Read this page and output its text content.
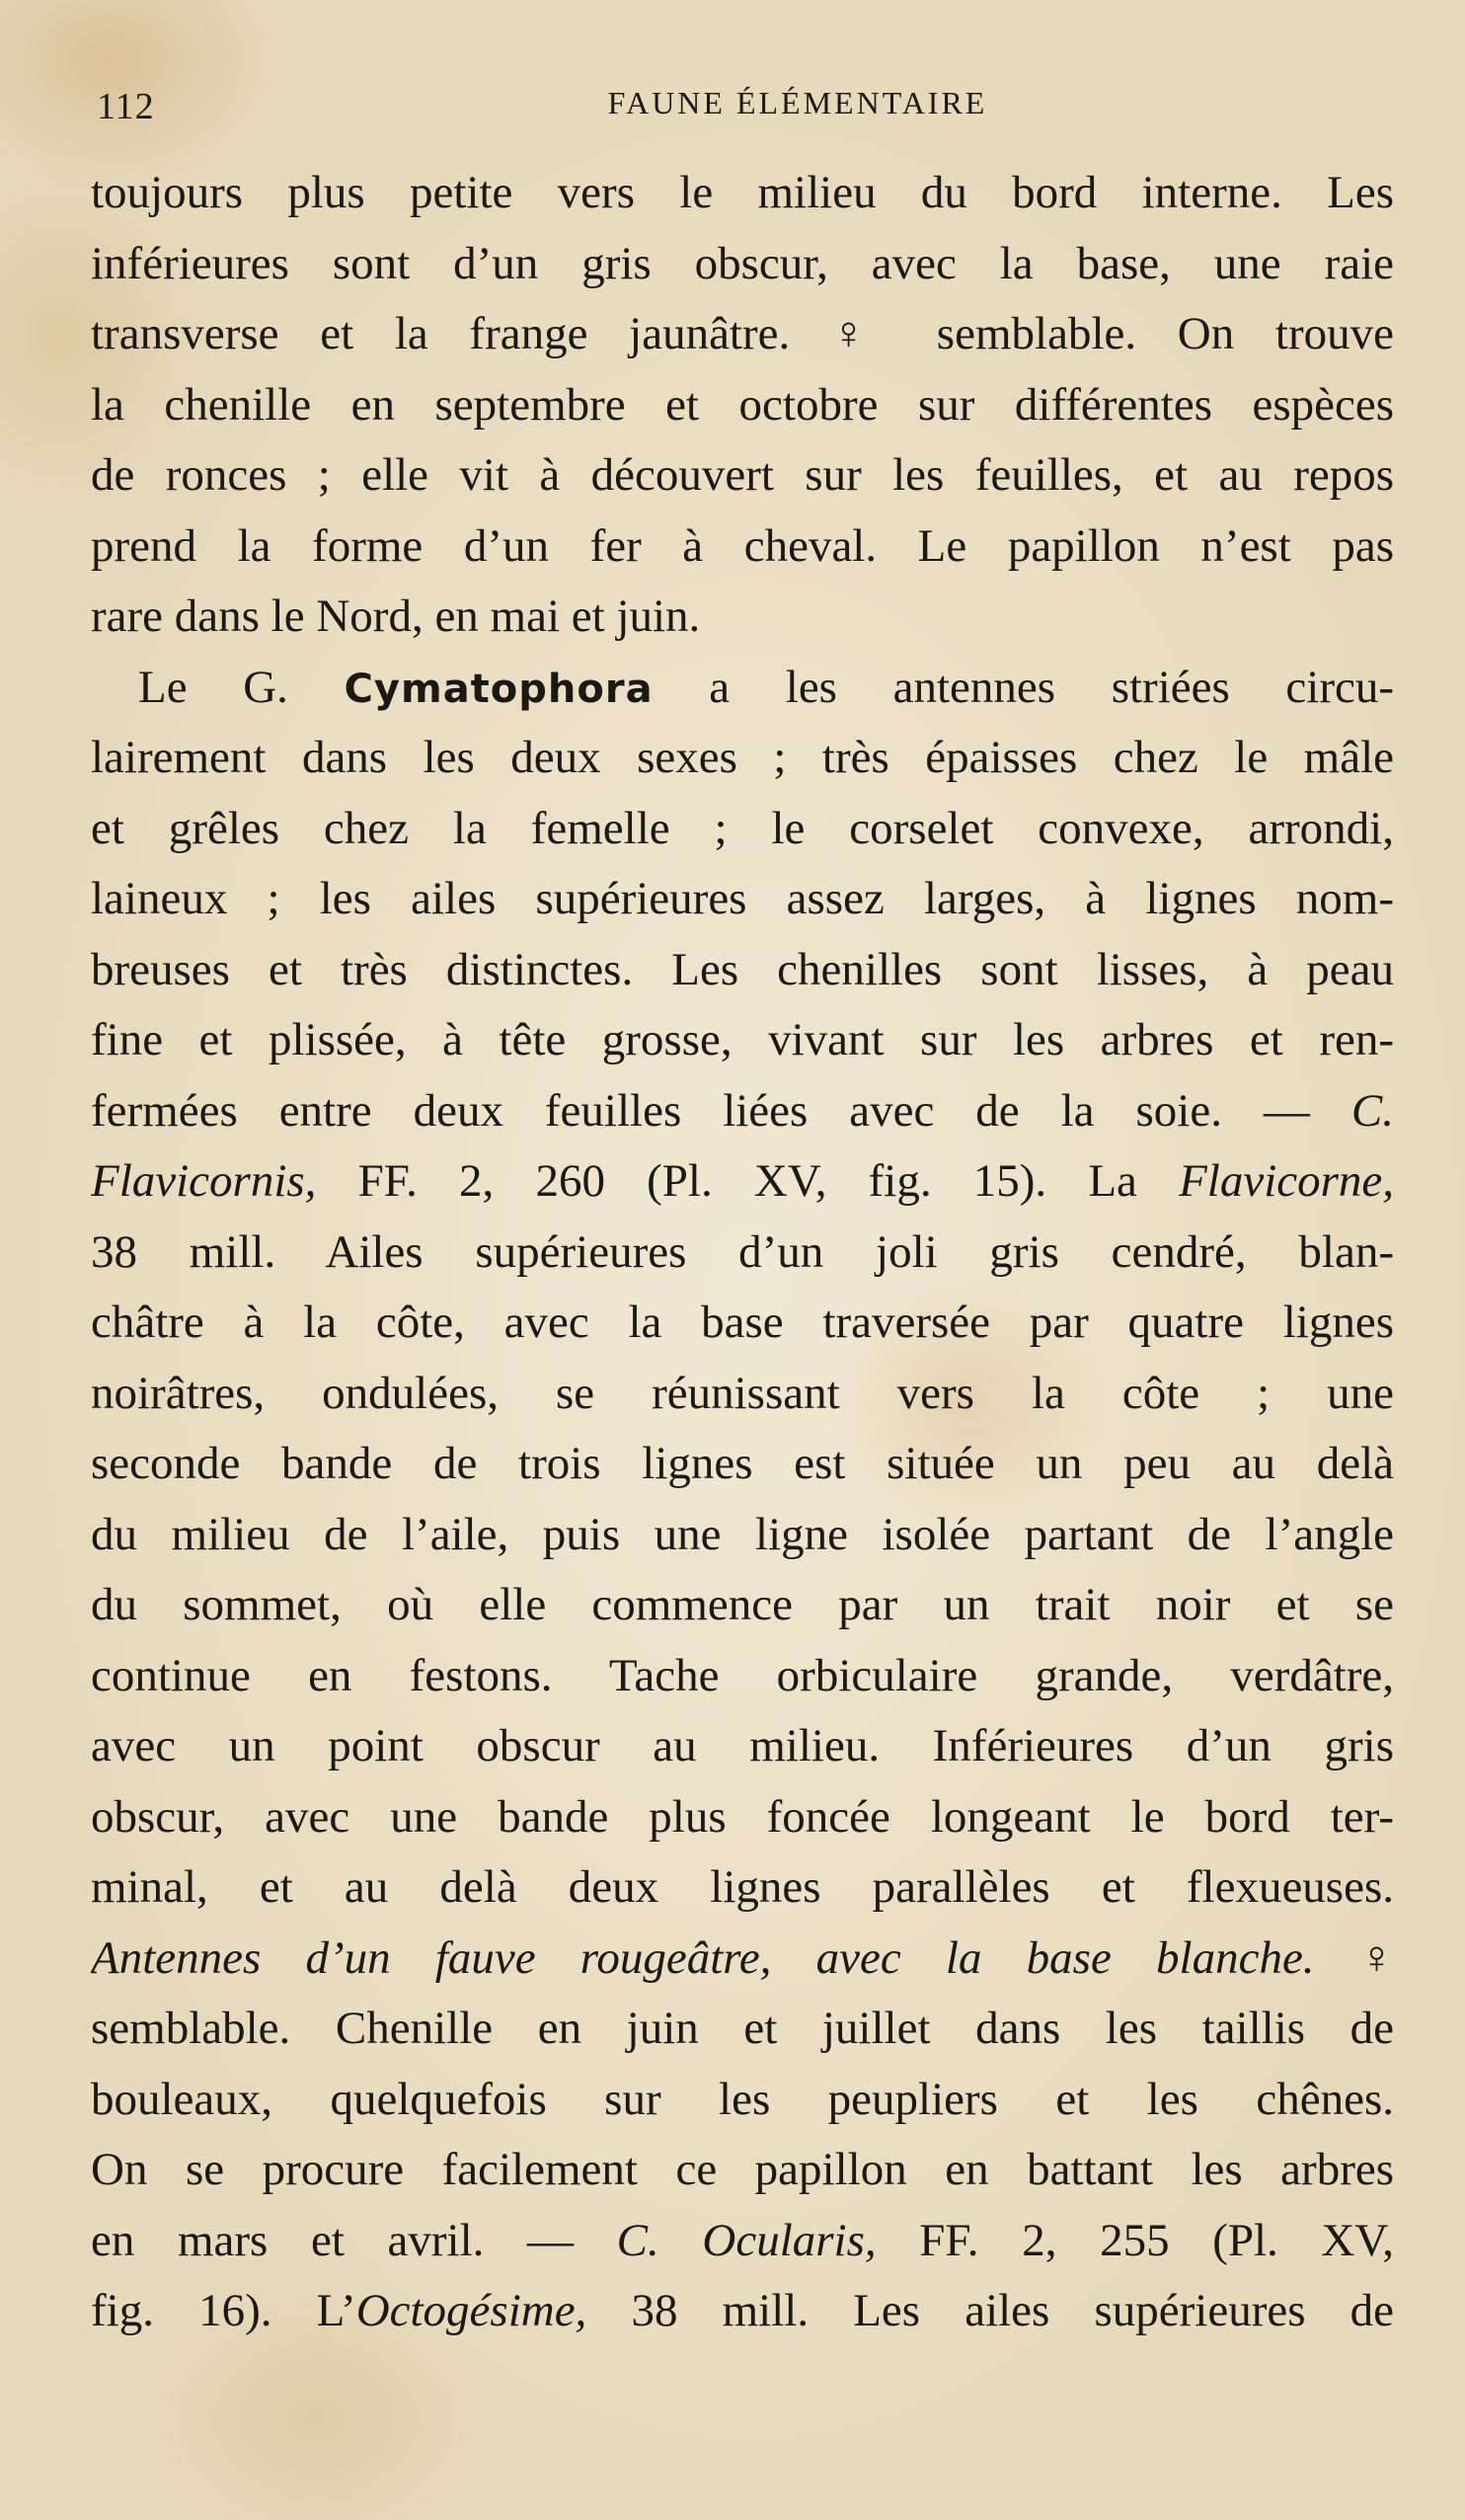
112	FAUNE ÉLÉMENTAIRE
toujours plus petite vers le milieu du bord interne. Les
inférieures sont d’un gris obscur, avec la base, une raie
transverse et la frange jaunâtre. ♀ semblable. On trouve
la chenille en septembre et octobre sur différentes espèces
de ronces ; elle vit à découvert sur les feuilles, et au repos
prend la forme d’un fer à cheval. Le papillon n’est pas
rare dans le Nord, en mai et juin.
Le G. Cymatophora a les antennes striées circu-
lairement dans les deux sexes ; très épaisses chez le mâle
et grêles chez la femelle ; le corselet convexe, arrondi,
laineux ; les ailes supérieures assez larges, à lignes nom-
breuses et très distinctes. Les chenilles sont lisses, à peau
fine et plissée, à tête grosse, vivant sur les arbres et ren-
fermées entre deux feuilles liées avec de la soie. — C.
Flavicornis, FF. 2, 260 (Pl. XV, fig. 15). La Flavicorne,
38 mill. Ailes supérieures d’un joli gris cendré, blan-
châtre à la côte, avec la base traversée par quatre lignes
noirâtres, ondulées, se réunissant vers la côte ; une
seconde bande de trois lignes est située un peu au delà
du milieu de l’aile, puis une ligne isolée partant de l’angle
du sommet, où elle commence par un trait noir et se
continue en festons. Tache orbiculaire grande, verdâtre,
avec un point obscur au milieu. Inférieures d’un gris
obscur, avec une bande plus foncée longeant le bord ter-
minal, et au delà deux lignes parallèles et flexueuses.
Antennes d’un fauve rougeâtre, avec la base blanche. ♀
semblable. Chenille en juin et juillet dans les taillis de
bouleaux, quelquefois sur les peupliers et les chênes.
On se procure facilement ce papillon en battant les arbres
en mars et avril. — C. Ocularis, FF. 2, 255 (Pl. XV,
fig. 16). L’Octogésime, 38 mill. Les ailes supérieures de
